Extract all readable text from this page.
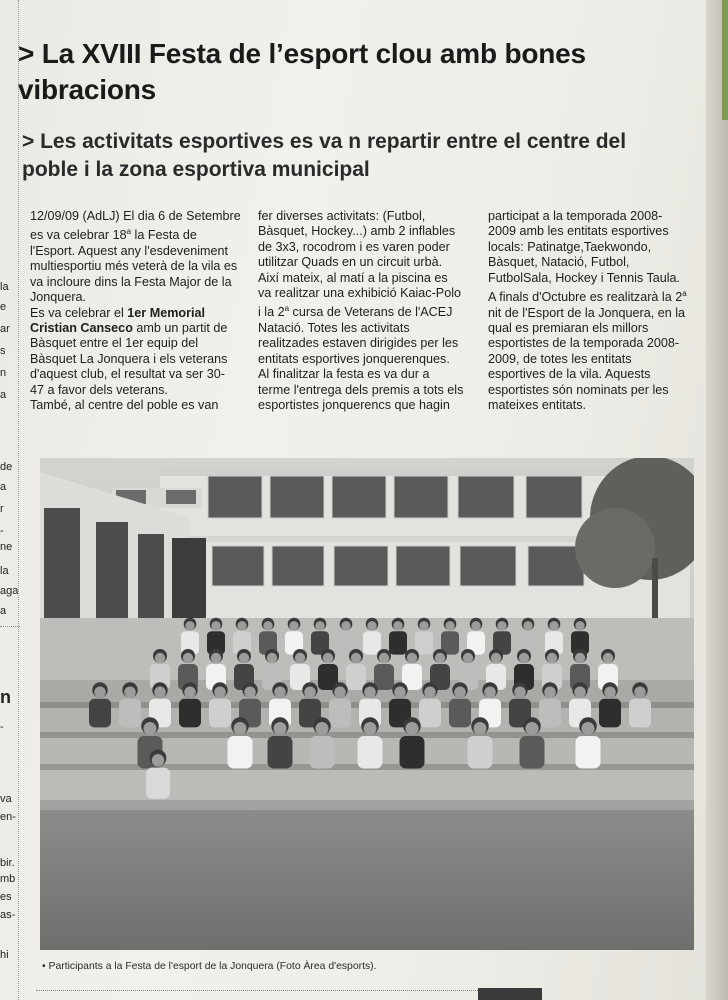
la
e
ar
s
n
a
de
a
r
-
ne
la
aga
a
n
-
va
en-
bir.
mb
es
as-
hi
> La XVIII Festa de l’esport clou amb bones vibracions
> Les activitats esportives es va n repartir entre el centre del poble i la zona esportiva municipal

12/09/09 (AdLJ) El dia 6 de Setembre es va celebrar 18$^a$ la Festa de l'Esport. Aquest any l'esdeveniment multiesportiu més veterà de la vila es va incloure dins la Festa Major de la Jonquera.

Es va celebrar el 1er Memorial Cristian Canseco amb un partit de Bàsquet entre el 1er equip del Bàsquet La Jonquera i els veterans d'aquest club, el resultat va ser 30- 47 a favor dels veterans.

També, al centre del poble es van

fer diverses activitats: (Futbol, Bàsquet, Hockey...) amb 2 inflables de 3x3, rocodrom i es varen poder utilitzar Quads en un circuit urbà. Així mateix, al matí a la piscina es va realitzar una exhibició Kaiac-Polo i la 2$^a$ cursa de Veterans de l'ACEJ Natació. Totes les activitats realitzades estaven dirigides per les entitats esportives jonquerenques.

Al finalitzar la festa es va dur a terme l'entrega dels premis a tots els esportistes jonquerencs que hagin

participat a la temporada 2008-2009 amb les entitats esportives locals: Patinatge,Taekwondo, Bàsquet, Natació, Futbol, FutbolSala, Hockey i Tennis Taula.

A finals d'Octubre es realitzarà la 2$^a$ nit de l'Esport de la Jonquera, en la qual es premiaran els millors esportistes de la temporada 2008-2009, de totes les entitats esportives de la vila. Aquests esportistes són nominats per les mateixes entitats.

• Participants a la Festa de l'esport de la Jonquera (Foto Àrea d'esports).
